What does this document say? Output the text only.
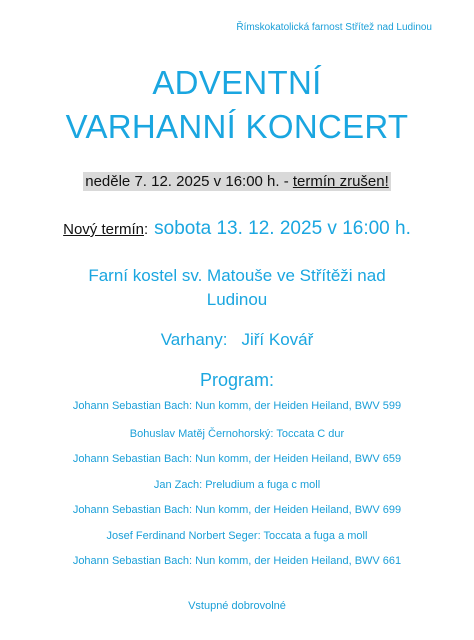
Římskokatolická farnost Střítež nad Ludinou
ADVENTNÍ
VARHANNÍ KONCERT
neděle 7. 12. 2025 v 16:00 h. - termín zrušen!
Nový termín: sobota 13. 12. 2025 v 16:00 h.
Farní kostel sv. Matouše ve Střítěži nad
Ludinou
Varhany: Jiří Kovář
Program:
Johann Sebastian Bach: Nun komm, der Heiden Heiland, BWV 599
Bohuslav Matěj Černohorský: Toccata C dur
Johann Sebastian Bach: Nun komm, der Heiden Heiland, BWV 659
Jan Zach: Preludium a fuga c moll
Johann Sebastian Bach: Nun komm, der Heiden Heiland, BWV 699
Josef Ferdinand Norbert Seger: Toccata a fuga a moll
Johann Sebastian Bach: Nun komm, der Heiden Heiland, BWV 661
Vstupné dobrovolné
